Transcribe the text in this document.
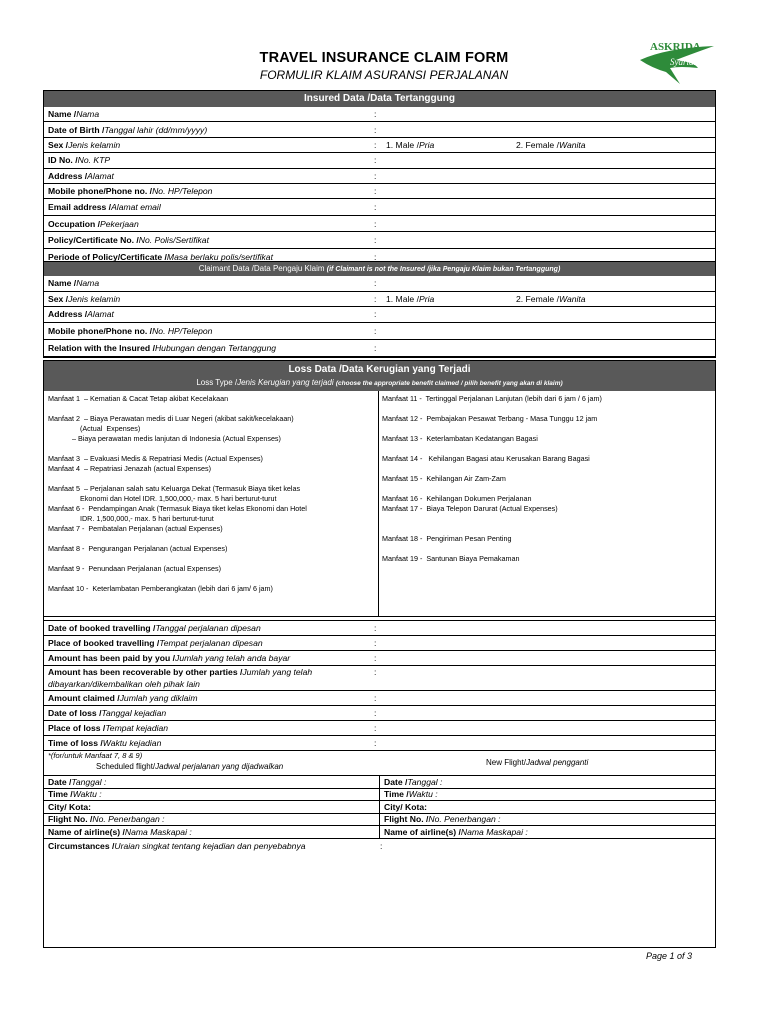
TRAVEL INSURANCE CLAIM FORM
FORMULIR KLAIM ASURANSI PERJALANAN
ASKRIDA
Syariah
Insured Data /Data Tertanggung
Name /Nama	:	
Date of Birth /Tanggal lahir (dd/mm/yyyy)	:	
Sex /Jenis kelamin	:	1. Male /Pria 2. Female /Wanita
ID No. /No. KTP	:	
Address /Alamat	:	
Mobile phone/Phone no. /No. HP/Telepon	:	
Email address /Alamat email	:	
Occupation /Pekerjaan	:	
Policy/Certificate No. /No. Polis/Sertifikat	:	
Periode of Policy/Certificate /Masa berlaku polis/sertifikat	:	
Claimant Data /Data Pengaju Klaim (if Claimant is not the Insured /jika Pengaju Klaim bukan Tertanggung)
Name /Nama	:	
Sex /Jenis kelamin	:	1. Male /Pria 2. Female /Wanita
Address /Alamat	:	
Mobile phone/Phone no. /No. HP/Telepon	:	
Relation with the Insured /Hubungan dengan Tertanggung	:	
Loss Data /Data Kerugian yang Terjadi
Loss Type /Jenis Kerugian yang terjadi (choose the appropriate benefit claimed / pilih benefit yang akan di klaim)
Manfaat 1  – Kematian & Cacat Tetap akibat Kecelakaan
Manfaat 2  – Biaya Perawatan medis di Luar Negeri (akibat sakit/kecelakaan)
(Actual  Expenses)
– Biaya perawatan medis lanjutan di Indonesia (Actual Expenses)
Manfaat 3  – Evakuasi Medis & Repatriasi Medis (Actual Expenses)
Manfaat 4  – Repatriasi Jenazah (actual Expenses)
Manfaat 5  – Perjalanan salah satu Keluarga Dekat (Termasuk Biaya tiket kelas
Ekonomi dan Hotel IDR. 1,500,000,- max. 5 hari berturut-turut
Manfaat 6 -  Pendampingan Anak (Termasuk Biaya tiket kelas Ekonomi dan Hotel
IDR. 1,500,000,- max. 5 hari berturut-turut
Manfaat 7 -  Pembatalan Perjalanan (actual Expenses)
Manfaat 8 -  Pengurangan Perjalanan (actual Expenses)
Manfaat 9 -  Penundaan Perjalanan (actual Expenses)
Manfaat 10 -  Keterlambatan Pemberangkatan (lebih dari 6 jam/ 6 jam)
Manfaat 11 -  Tertinggal Perjalanan Lanjutan (lebih dari 6 jam / 6 jam)
Manfaat 12 -  Pembajakan Pesawat Terbang - Masa Tunggu 12 jam
Manfaat 13 -  Keterlambatan Kedatangan Bagasi
Manfaat 14 -   Kehilangan Bagasi atau Kerusakan Barang Bagasi
Manfaat 15 -  Kehilangan Air Zam-Zam
Manfaat 16 -  Kehilangan Dokumen Perjalanan
Manfaat 17 -  Biaya Telepon Darurat (Actual Expenses)
Manfaat 18 -  Pengiriman Pesan Penting
Manfaat 19 -  Santunan Biaya Pemakaman
Date of booked travelling /Tanggal perjalanan dipesan	:	
Place of booked travelling /Tempat perjalanan dipesan	:	
Amount has been paid by you /Jumlah yang telah anda bayar	:	
Amount has been recoverable by other parties /Jumlah yang telah	:	
dibayarkan/dikembalikan oleh pihak lain		
Amount claimed /Jumlah yang diklaim	:	
Date of loss /Tanggal kejadian	:	
Place of loss /Tempat kejadian	:	
Time of loss /Waktu kejadian	:	
*(for/untuk Manfaat 7, 8 & 9)
Scheduled flight/Jadwal perjalanan yang dijadwalkan	New Flight/Jadwal pengganti
Date /Tanggal :	Date /Tanggal :
Time /Waktu :	Time /Waktu :
City/ Kota:	City/ Kota:
Flight No. /No. Penerbangan :	Flight No. /No. Penerbangan :
Name of airline(s) /Nama Maskapai :	Name of airline(s) /Nama Maskapai :
Circumstances /Uraian singkat tentang kejadian dan penyebabnya	:
Page 1 of 3
